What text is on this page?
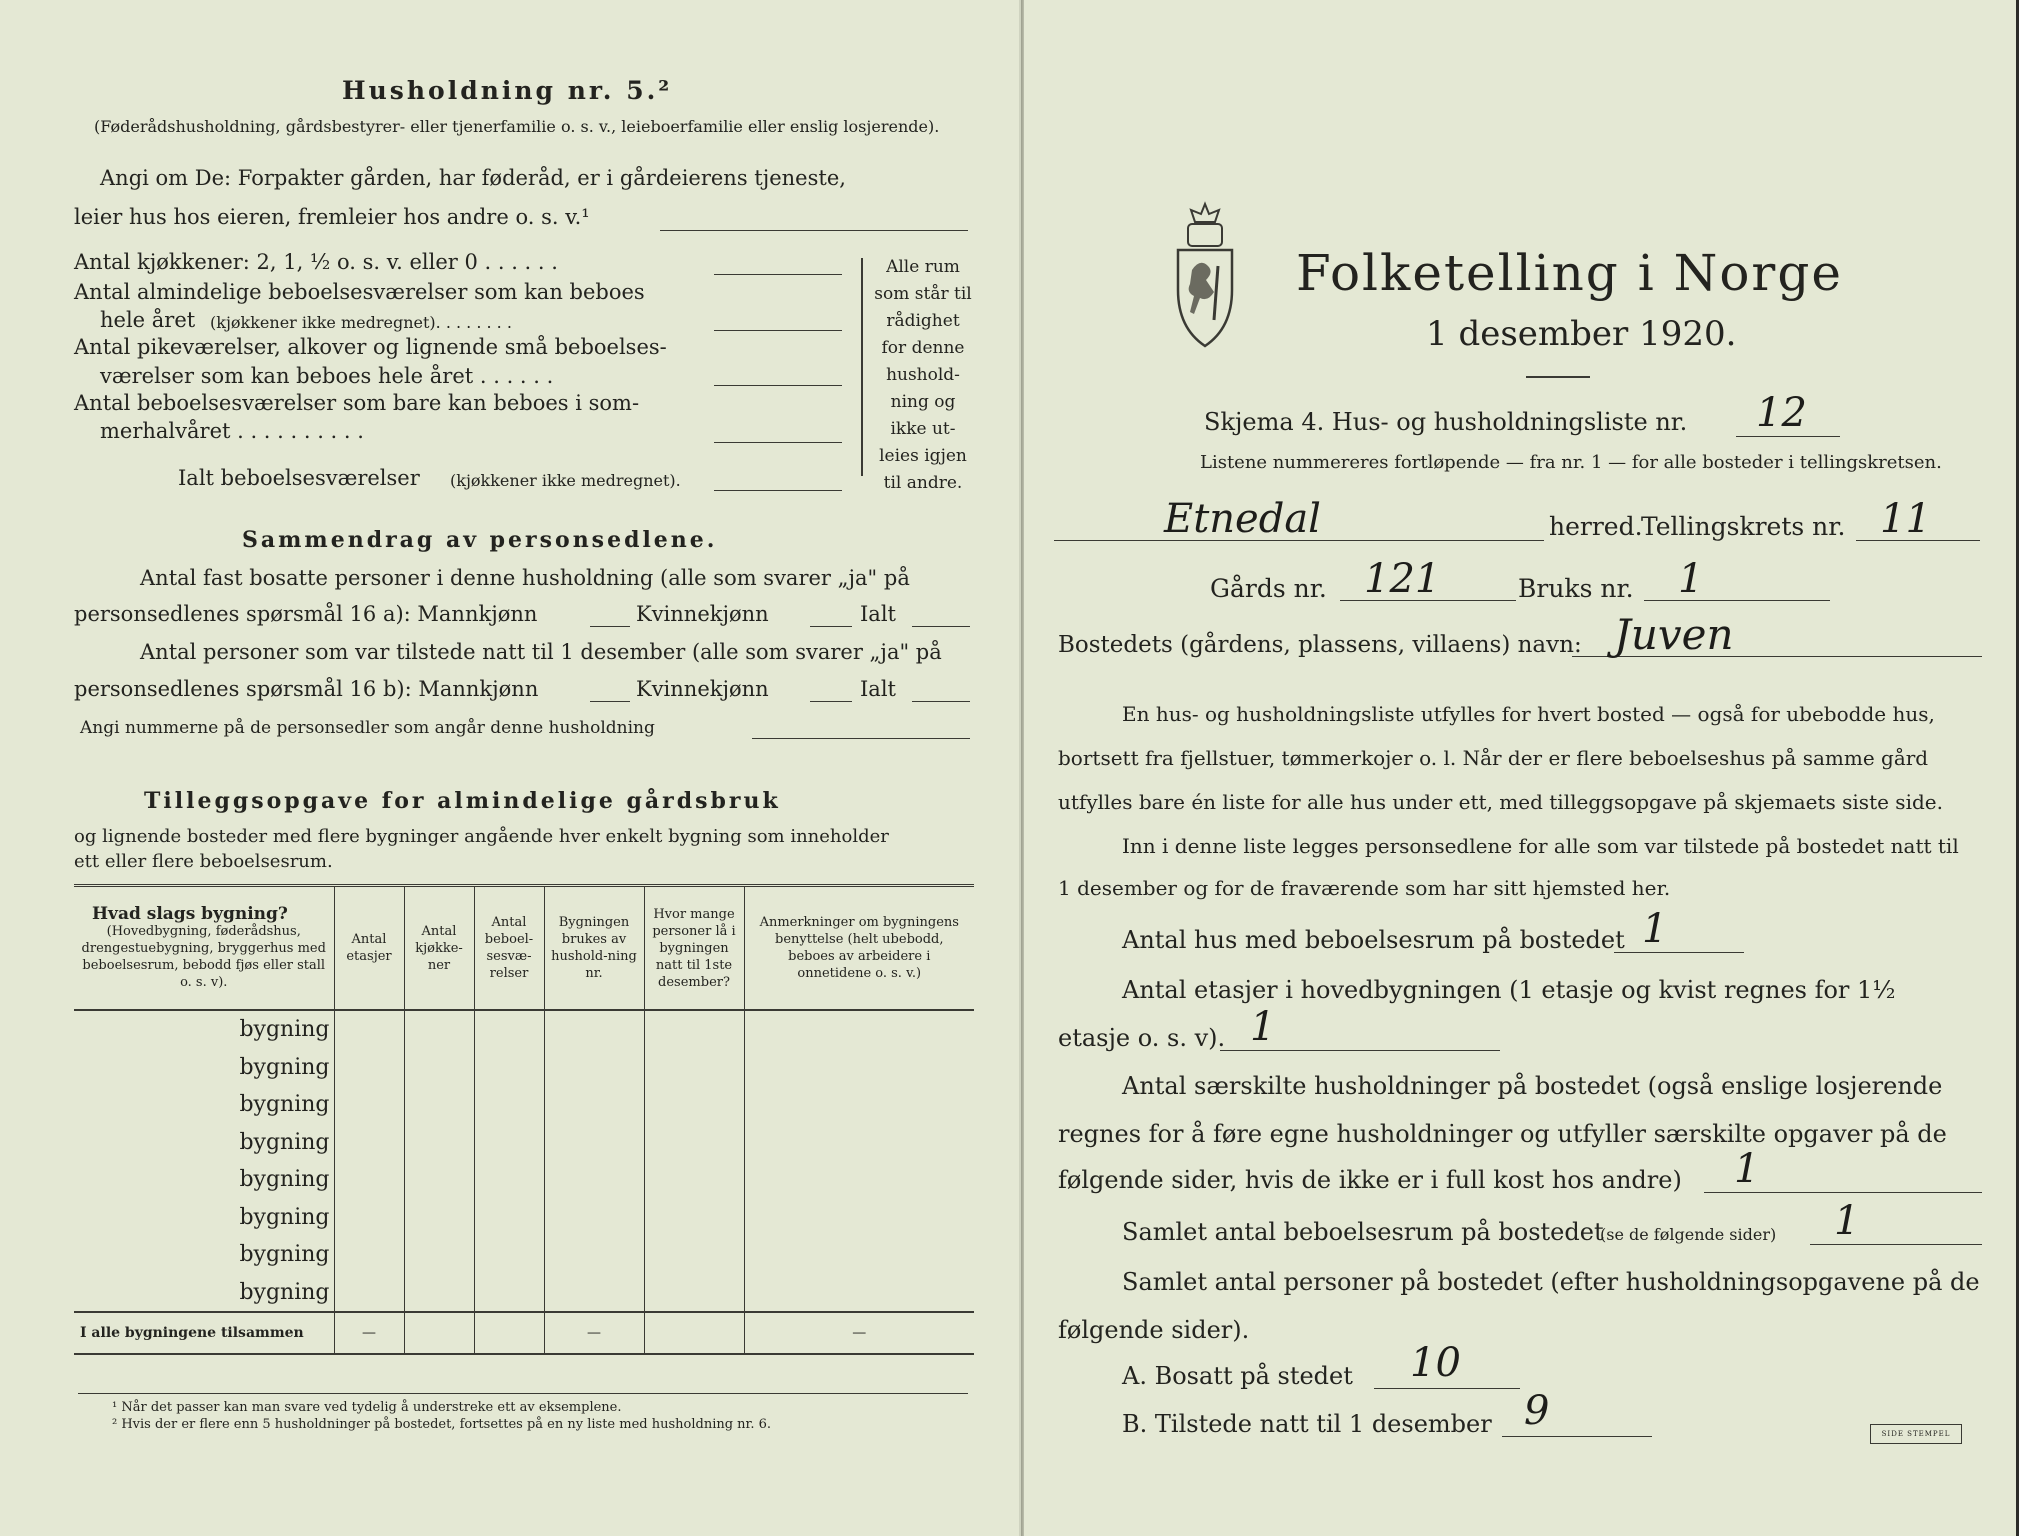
Husholdning nr. 5.²
(Føderådshusholdning, gårdsbestyrer- eller tjenerfamilie o. s. v., leieboerfamilie eller enslig losjerende).
Angi om De: Forpakter gården, har føderåd, er i gårdeierens tjeneste,
leier hus hos eieren, fremleier hos andre o. s. v.¹
Antal kjøkkener: 2, 1, ½ o. s. v. eller 0 . . . . . .
Antal almindelige beboelsesværelser som kan beboes
hele året (kjøkkener ikke medregnet). . . . . . . .
Antal pikeværelser, alkover og lignende små beboelses-
værelser som kan beboes hele året . . . . . .
Antal beboelsesværelser som bare kan beboes i som-
merhalvåret . . . . . . . . . .
Ialt beboelsesværelser (kjøkkener ikke medregnet).
Alle rum
som står til
rådighet
for denne
hushold-
ning og
ikke ut-
leies igjen
til andre.
Sammendrag av personsedlene.
Antal fast bosatte personer i denne husholdning (alle som svarer „ja" på
personsedlenes spørsmål 16 a): Mannkjønn	Kvinnekjønn	Ialt
Antal personer som var tilstede natt til 1 desember (alle som svarer „ja" på
personsedlenes spørsmål 16 b): Mannkjønn	Kvinnekjønn	Ialt
Angi nummerne på de personsedler som angår denne husholdning
Tilleggsopgave for almindelige gårdsbruk
og lignende bosteder med flere bygninger angående hver enkelt bygning som inneholder
ett eller flere beboelsesrum.
Hvad slags bygning?
(Hovedbygning, føderådshus, drengestuebygning, bryggerhus med beboelsesrum, bebodd fjøs eller stall o. s. v).	Antal etasjer	Antal kjøkke-ner	Antal beboel-sesvæ-relser	Bygningen brukes av hushold-ning nr.	Hvor mange personer lå i bygningen natt til 1ste desember?	Anmerkninger om bygningens benyttelse (helt ubebodd, beboes av arbeidere i onnetidene o. s. v.)
bygning						
bygning						
bygning						
bygning						
bygning						
bygning						
bygning						
bygning						
I alle bygningene tilsammen	—			—		—
¹ Når det passer kan man svare ved tydelig å understreke ett av eksemplene.
² Hvis der er flere enn 5 husholdninger på bostedet, fortsettes på en ny liste med husholdning nr. 6.
Folketelling i Norge
1 desember 1920.
Skjema 4. Hus- og husholdningsliste nr. 12
Listene nummereres fortløpende — fra nr. 1 — for alle bosteder i tellingskretsen.
Etnedal	herred.
Tellingskrets nr. 11
Gårds nr. 121	Bruks nr. 1
Bostedets (gårdens, plassens, villaens) navn: Juven
En hus- og husholdningsliste utfylles for hvert bosted — også for ubebodde hus,
bortsett fra fjellstuer, tømmerkojer o. l. Når der er flere beboelseshus på samme gård
utfylles bare én liste for alle hus under ett, med tilleggsopgave på skjemaets siste side.
Inn i denne liste legges personsedlene for alle som var tilstede på bostedet natt til
1 desember og for de fraværende som har sitt hjemsted her.
Antal hus med beboelsesrum på bostedet 1
Antal etasjer i hovedbygningen (1 etasje og kvist regnes for 1½
etasje o. s. v). 1
Antal særskilte husholdninger på bostedet (også enslige losjerende
regnes for å føre egne husholdninger og utfyller særskilte opgaver på de
følgende sider, hvis de ikke er i full kost hos andre) 1
Samlet antal beboelsesrum på bostedet
(se de følgende sider) 1
Samlet antal personer på bostedet (efter husholdningsopgavene på de
følgende sider).
A. Bosatt på stedet 10
B. Tilstede natt til 1 desember 9	SIDE STEMPEL
